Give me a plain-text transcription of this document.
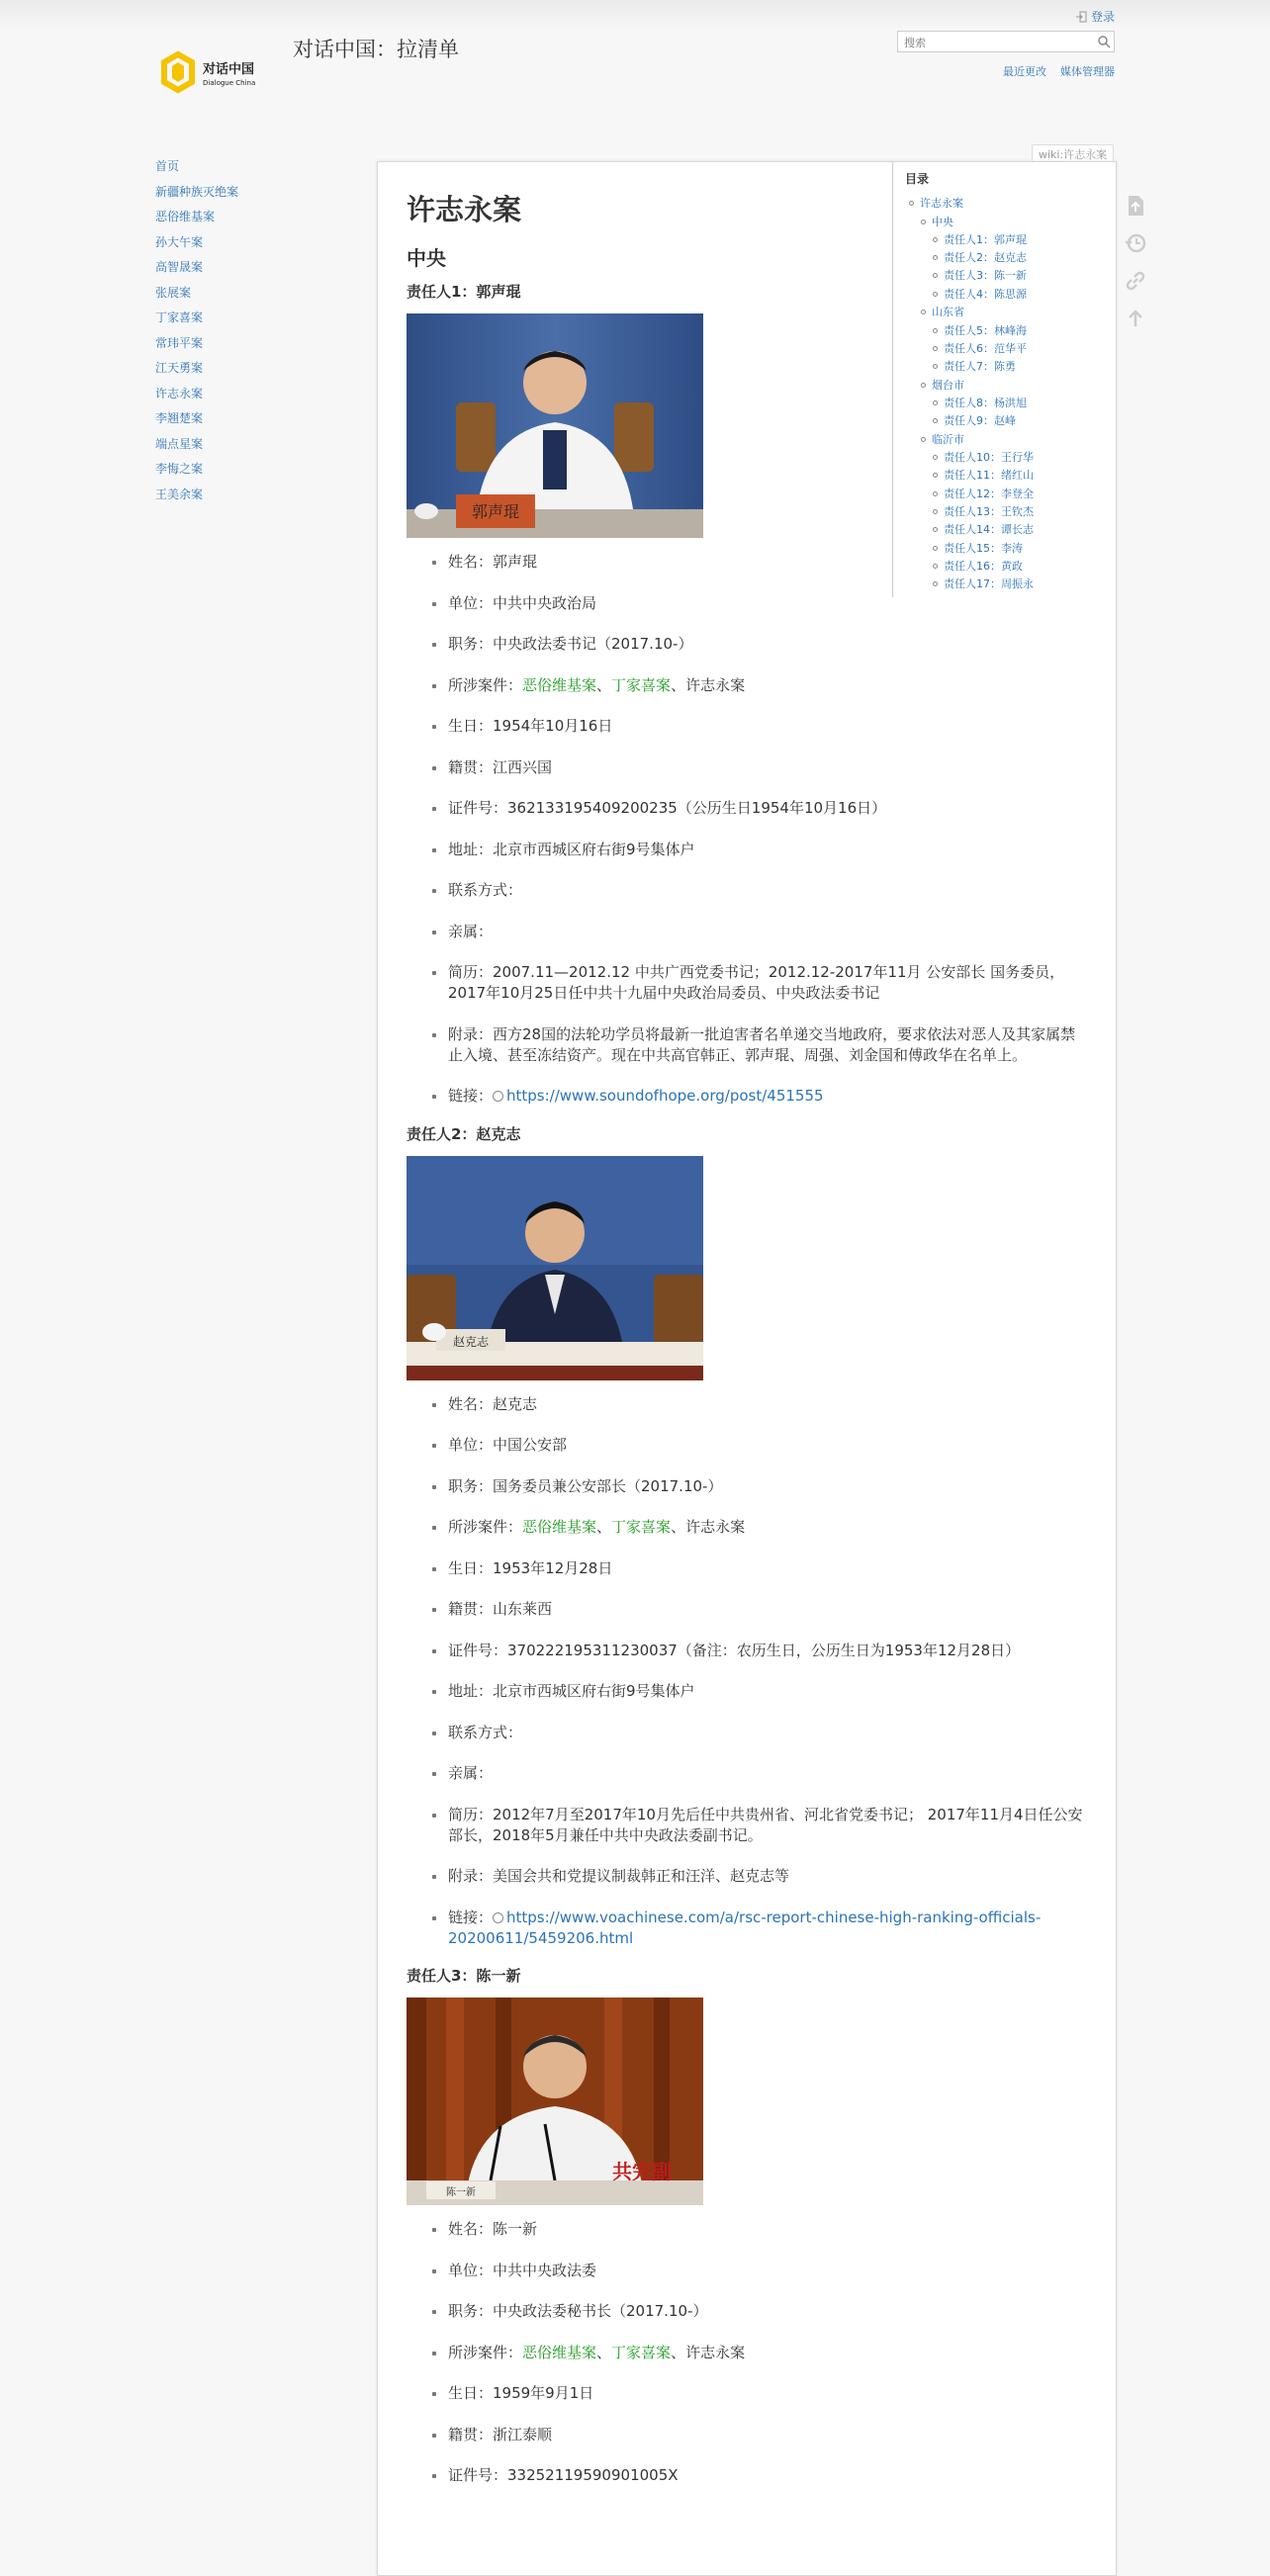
对话中国
Dialogue China
对话中国：拉清单
登录
搜索
最近更改 媒体管理器
首页
新疆种族灭绝案
恶俗维基案
孙大午案
高智晟案
张展案
丁家喜案
常玮平案
江天勇案
许志永案
李翘楚案
端点星案
李悔之案
王美余案
wiki:许志永案
目录
许志永案
中央
责任人1：郭声琨
责任人2：赵克志
责任人3：陈一新
责任人4：陈思源
山东省
责任人5：林峰海
责任人6：范华平
责任人7：陈勇
烟台市
责任人8：杨洪旭
责任人9：赵峰
临沂市
责任人10：王行华
责任人11：绪红山
责任人12：李登全
责任人13：王钦杰
责任人14：谭长志
责任人15：李涛
责任人16：黄政
责任人17：周振永
许志永案
中央
责任人1：郭声琨
郭声琨
姓名：郭声琨
单位：中共中央政治局
职务：中央政法委书记（2017.10-）
所涉案件：恶俗维基案、丁家喜案、许志永案
生日：1954年10月16日
籍贯：江西兴国
证件号：362133195409200235（公历生日1954年10月16日）
地址：北京市西城区府右街9号集体户
联系方式：
亲属：
简历：2007.11—2012.12 中共广西党委书记；2012.12-2017年11月 公安部长 国务委员，2017年10月25日任中共十九届中央政治局委员、中央政法委书记
附录：西方28国的法轮功学员将最新一批迫害者名单递交当地政府，要求依法对恶人及其家属禁止入境、甚至冻结资产。现在中共高官韩正、郭声琨、周强、刘金国和傅政华在名单上。
链接： https://www.soundofhope.org/post/451555
责任人2：赵克志
赵克志
姓名：赵克志
单位：中国公安部
职务：国务委员兼公安部长（2017.10-）
所涉案件：恶俗维基案、丁家喜案、许志永案
生日：1953年12月28日
籍贯：山东莱西
证件号：370222195311230037（备注：农历生日，公历生日为1953年12月28日）
地址：北京市西城区府右街9号集体户
联系方式：
亲属：
简历：2012年7月至2017年10月先后任中共贵州省、河北省党委书记； 2017年11月4日任公安部长，2018年5月兼任中共中央政法委副书记。
附录：美国会共和党提议制裁韩正和汪洋、赵克志等
链接： https://www.voachinese.com/a/rsc-report-chinese-high-ranking-officials-20200611/5459206.html
责任人3：陈一新
陈一新
共完副
姓名：陈一新
单位：中共中央政法委
职务：中央政法委秘书长（2017.10-）
所涉案件：恶俗维基案、丁家喜案、许志永案
生日：1959年9月1日
籍贯：浙江泰顺
证件号：33252119590901005X
